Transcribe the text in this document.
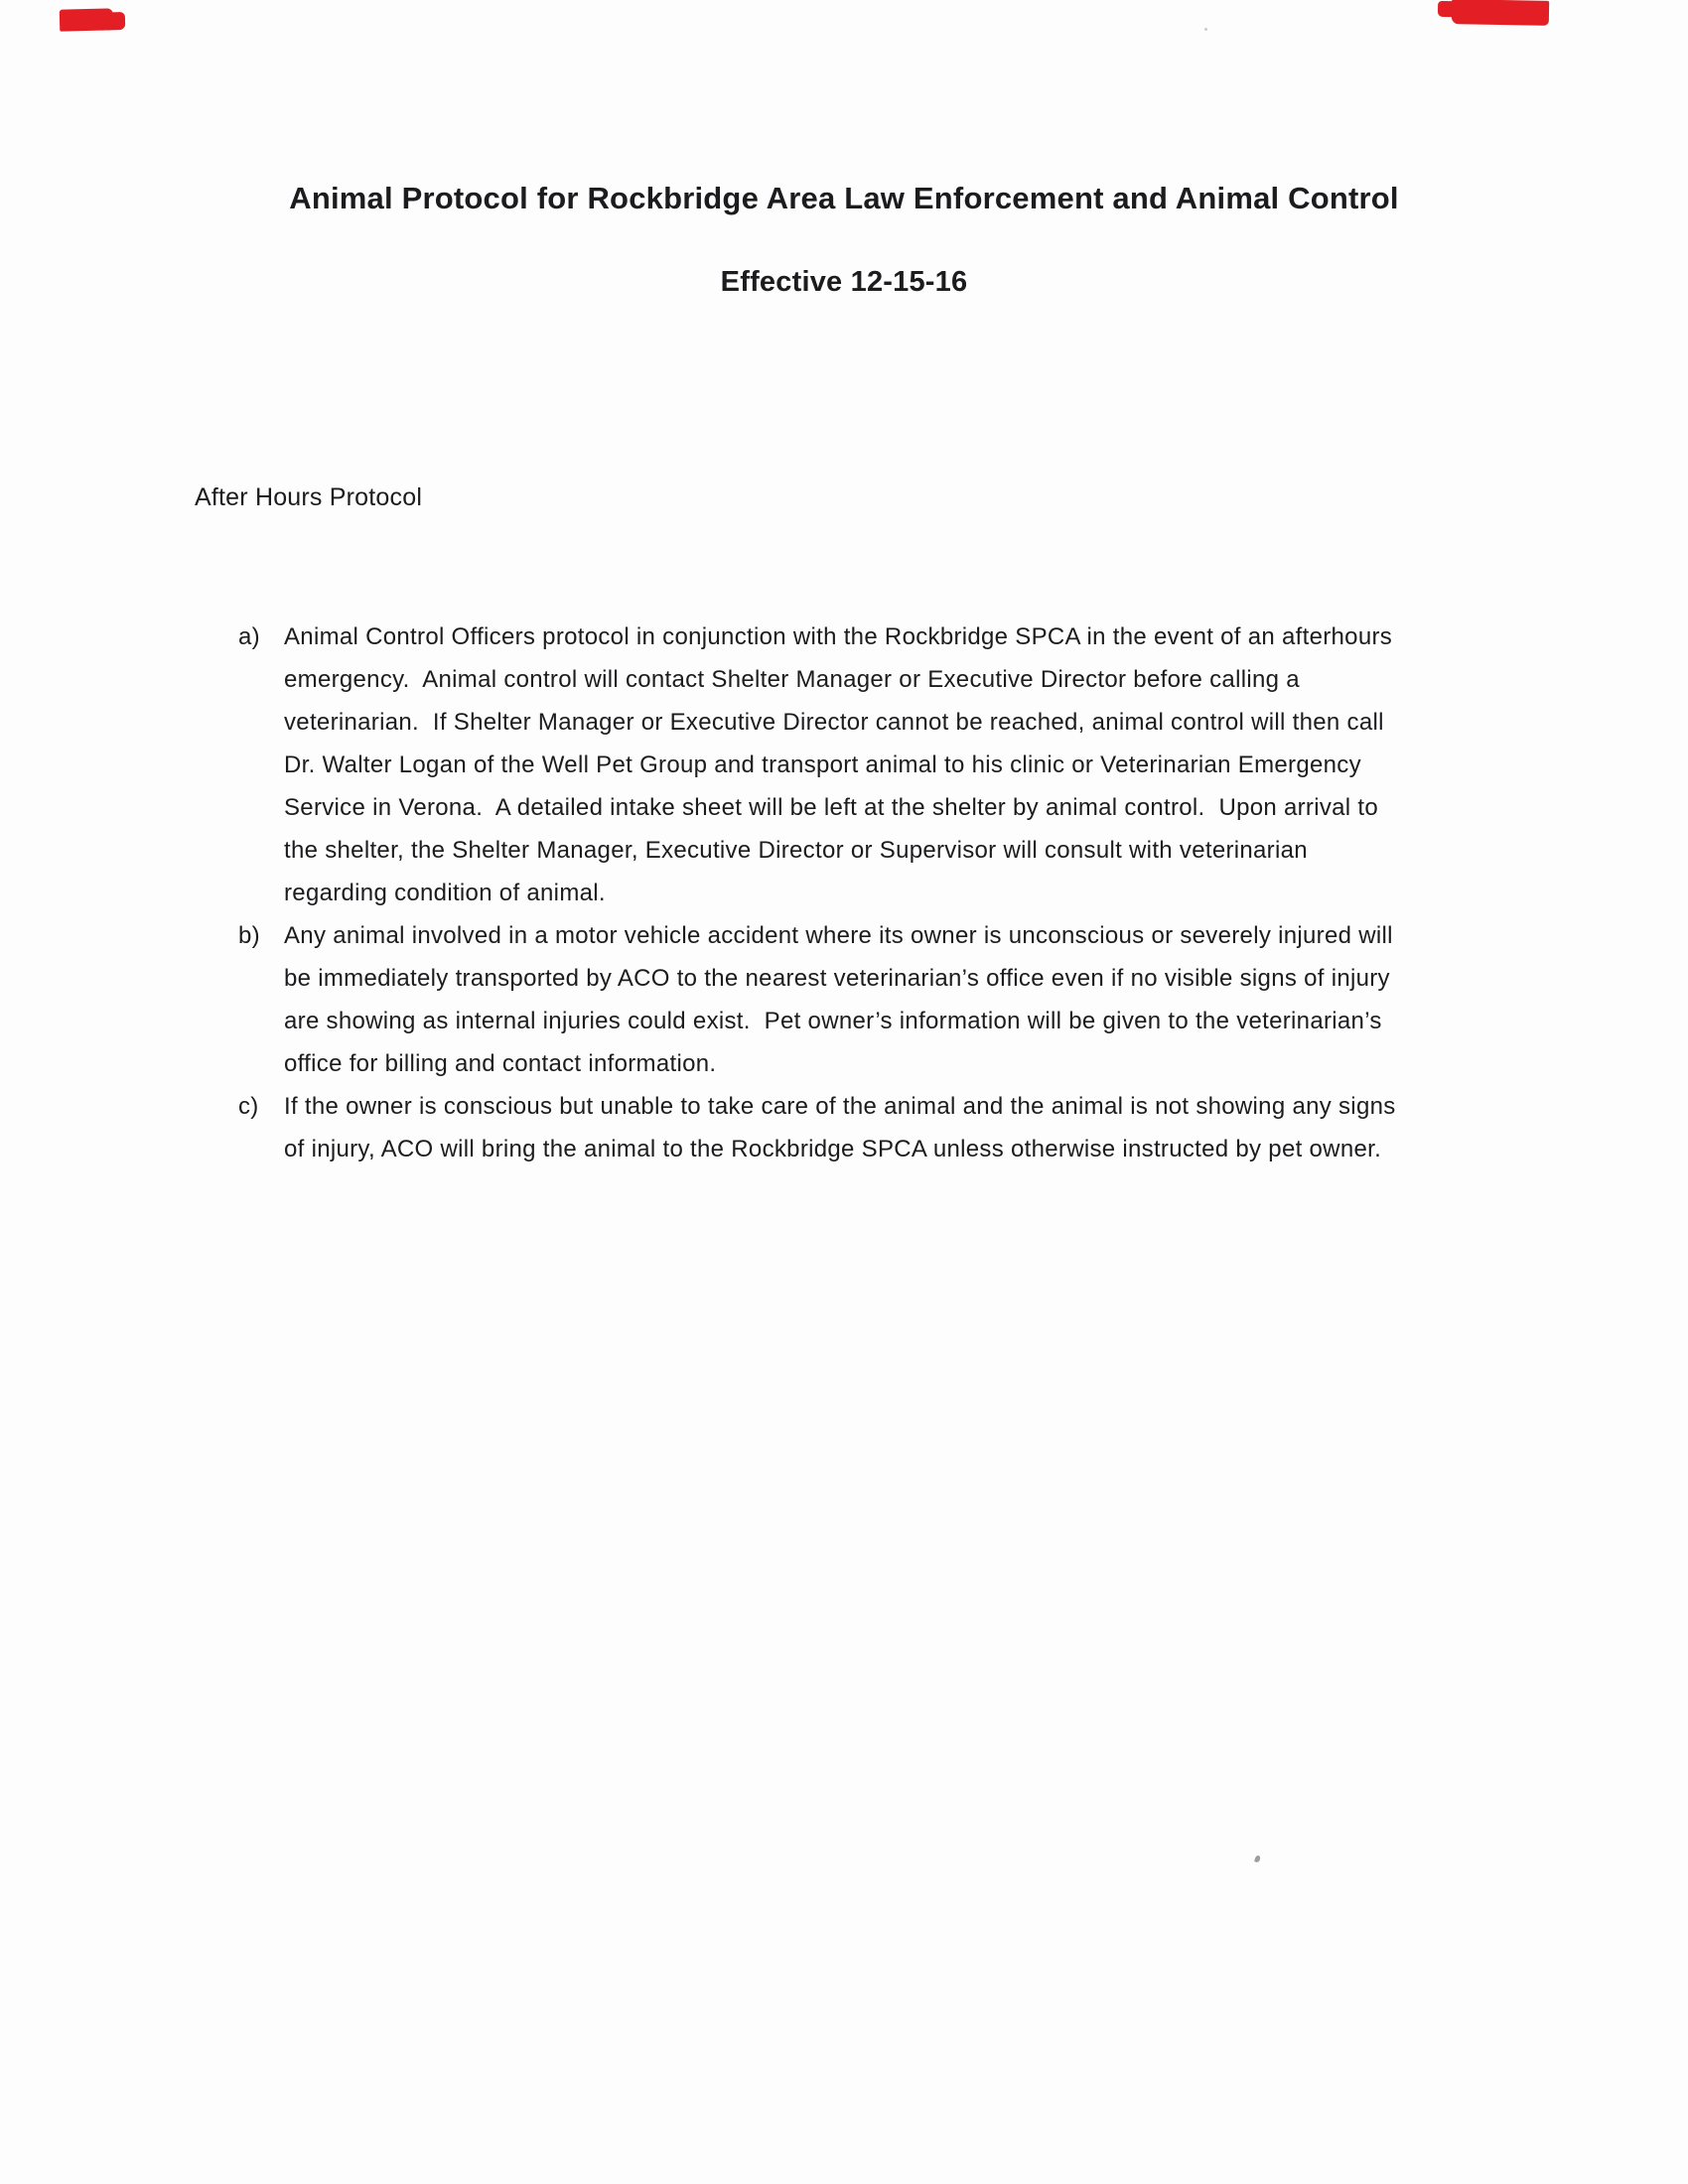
Animal Protocol for Rockbridge Area Law Enforcement and Animal Control
Effective 12-15-16
After Hours Protocol
a)	Animal Control Officers protocol in conjunction with the Rockbridge SPCA in the event of an afterhours emergency.  Animal control will contact Shelter Manager or Executive Director before calling a veterinarian.  If Shelter Manager or Executive Director cannot be reached, animal control will then call Dr. Walter Logan of the Well Pet Group and transport animal to his clinic or Veterinarian Emergency Service in Verona.  A detailed intake sheet will be left at the shelter by animal control.  Upon arrival to the shelter, the Shelter Manager, Executive Director or Supervisor will consult with veterinarian regarding condition of animal.
b)	Any animal involved in a motor vehicle accident where its owner is unconscious or severely injured will be immediately transported by ACO to the nearest veterinarian’s office even if no visible signs of injury are showing as internal injuries could exist.  Pet owner’s information will be given to the veterinarian’s office for billing and contact information.
c)	If the owner is conscious but unable to take care of the animal and the animal is not showing any signs of injury, ACO will bring the animal to the Rockbridge SPCA unless otherwise instructed by pet owner.
